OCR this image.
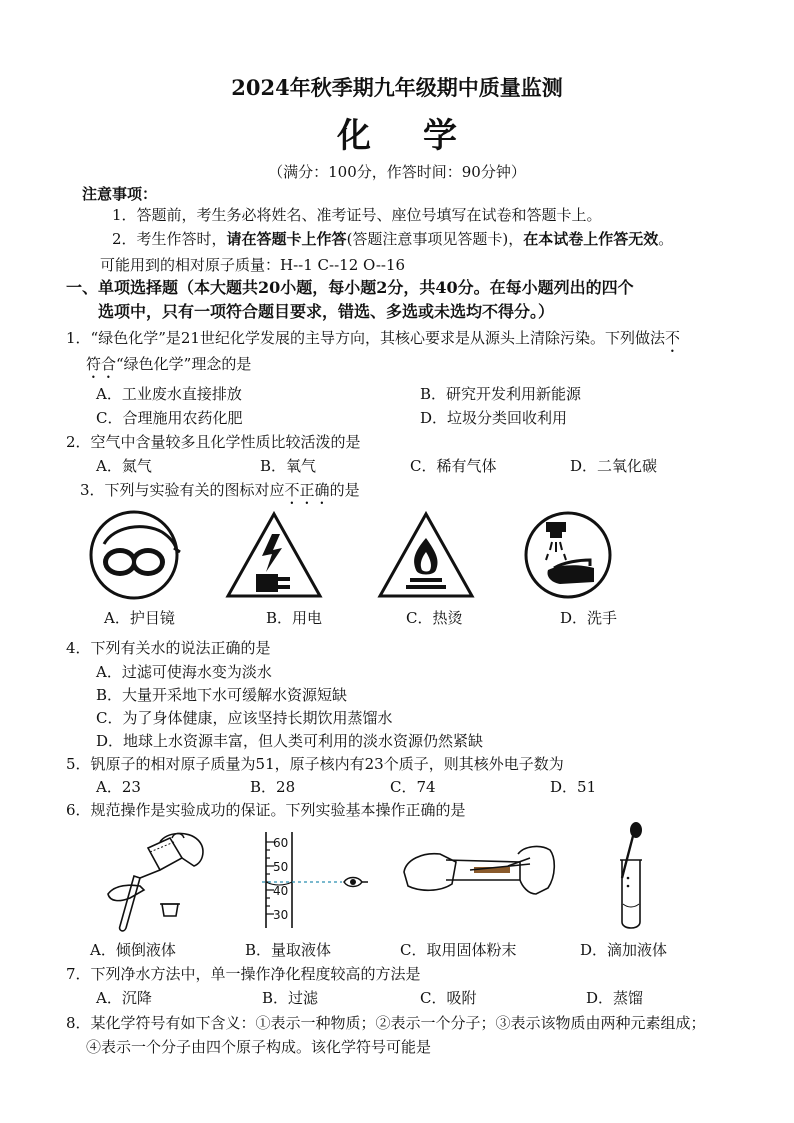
2024年秋季期九年级期中质量监测
化学
（满分：100分，作答时间：90分钟）
注意事项：
1．答题前，考生务必将姓名、准考证号、座位号填写在试卷和答题卡上。
2．考生作答时，请在答题卡上作答(答题注意事项见答题卡)，在本试卷上作答无效。
可能用到的相对原子质量：H--1 C--12 O--16
一、单项选择题（本大题共20小题，每小题2分，共40分。在每小题列出的四个
选项中，只有一项符合题目要求，错选、多选或未选均不得分。）
1．“绿色化学”是21世纪化学发展的主导方向，其核心要求是从源头上清除污染。下列做法不
符合“绿色化学”理念的是
A．工业废水直接排放	B．研究开发利用新能源
C．合理施用农药化肥	D．垃圾分类回收利用
2．空气中含量较多且化学性质比较活泼的是
A．氮气	B．氧气	C．稀有气体	D．二氧化碳
3．下列与实验有关的图标对应不正确的是
A．护目镜	B．用电	C．热烫	D．洗手
4．下列有关水的说法正确的是
A．过滤可使海水变为淡水
B．大量开采地下水可缓解水资源短缺
C．为了身体健康，应该坚持长期饮用蒸馏水
D．地球上水资源丰富，但人类可利用的淡水资源仍然紧缺
5．钒原子的相对原子质量为51，原子核内有23个质子，则其核外电子数为
A．23	B．28	C．74	D．51
6．规范操作是实验成功的保证。下列实验基本操作正确的是
60
50
40
30
A．倾倒液体	B．量取液体	C．取用固体粉末	D．滴加液体
7．下列净水方法中，单一操作净化程度较高的方法是
A．沉降	B．过滤	C．吸附	D．蒸馏
8．某化学符号有如下含义：①表示一种物质；②表示一个分子；③表示该物质由两种元素组成；
④表示一个分子由四个原子构成。该化学符号可能是
